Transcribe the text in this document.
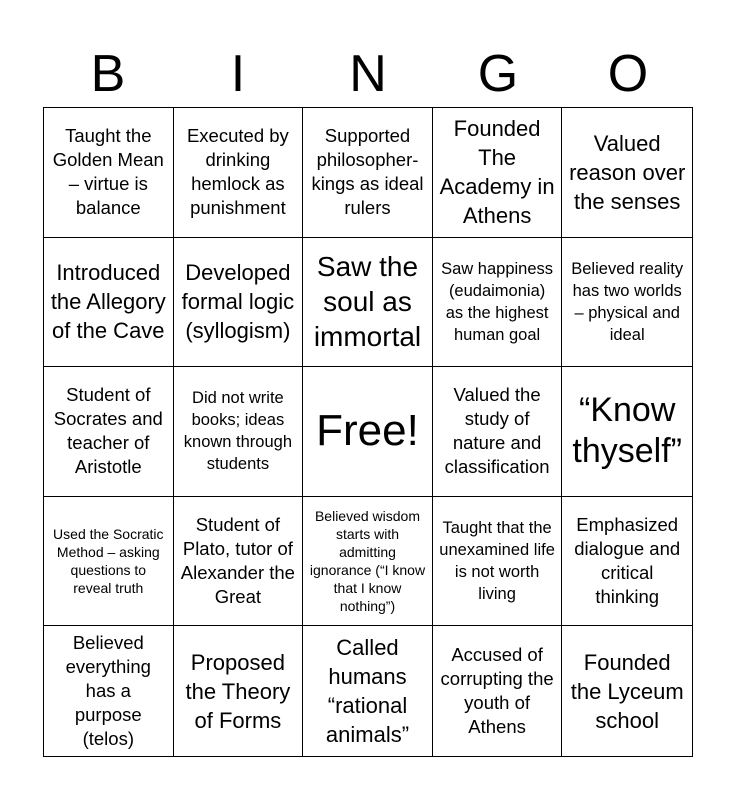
B	I	N	G	O
Taught the Golden Mean – virtue is balance
Executed by drinking hemlock as punishment
Supported philosopher-kings as ideal rulers
Founded The Academy in Athens
Valued reason over the senses
Introduced the Allegory of the Cave
Developed formal logic (syllogism)
Saw the soul as immortal
Saw happiness (eudaimonia) as the highest human goal
Believed reality has two worlds – physical and ideal
Student of Socrates and teacher of Aristotle
Did not write books; ideas known through students
Free!
Valued the study of nature and classification
“Know thyself”
Used the Socratic Method – asking questions to reveal truth
Student of Plato, tutor of Alexander the Great
Believed wisdom starts with admitting ignorance (“I know that I know nothing”)
Taught that the unexamined life is not worth living
Emphasized dialogue and critical thinking
Believed everything has a purpose (telos)
Proposed the Theory of Forms
Called humans “rational animals”
Accused of corrupting the youth of Athens
Founded the Lyceum school
